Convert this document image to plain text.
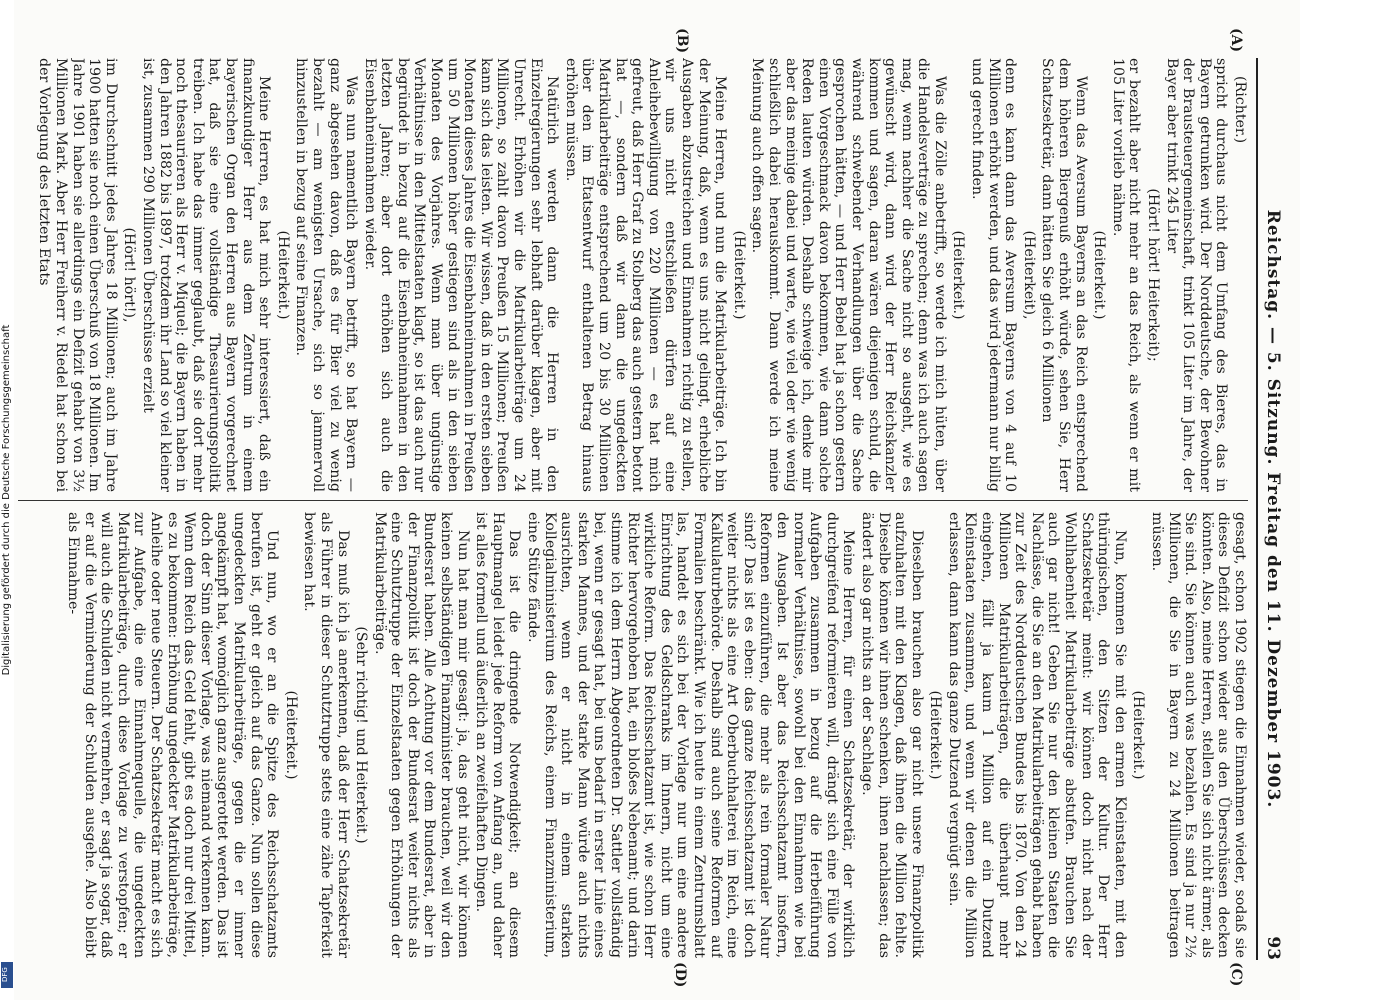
Reichstag. — 5. Sitzung. Freitag den 11. Dezember 1903.
93
(A)
(B)
(C)
(D)

(Richter.)

spricht durchaus nicht dem Umfang des Bieres, das in Bayern getrunken wird. Der Norddeutsche, der Bewohner der Brausteuergemeinschaft, trinkt 105 Liter im Jahre, der Bayer aber trinkt 245 Liter

(Hört! hört! Heiterkeit);

er bezahlt aber nicht mehr an das Reich, als wenn er mit 105 Liter vorlieb nähme.

(Heiterkeit.)

Wenn das Aversum Bayerns an das Reich entsprechend dem höheren Biergenuß erhöht würde, sehen Sie, Herr Schatzsekretär, dann hätten Sie gleich 6 Millionen

(Heiterkeit),

denn es kann dann das Aversum Bayerns von 4 auf 10 Millionen erhöht werden, und das wird jedermann nur billig und gerecht finden.

(Heiterkeit.)

Was die Zölle anbetrifft, so werde ich mich hüten, über die Handelsverträge zu sprechen; denn was ich auch sagen mag, wenn nachher die Sache nicht so ausgeht, wie es gewünscht wird, dann wird der Herr Reichskanzler kommen und sagen, daran wären diejenigen schuld, die während schwebender Verhandlungen über die Sache gesprochen hätten, — und Herr Bebel hat ja schon gestern einen Vorgeschmack davon bekommen, wie dann solche Reden lauten würden. Deshalb schweige ich, denke mir aber das meinige dabei und warte, wie viel oder wie wenig schließlich dabei herauskommt. Dann werde ich meine Meinung auch offen sagen.

(Heiterkeit.)

Meine Herren, und nun die Matrikularbeiträge. Ich bin der Meinung, daß, wenn es uns nicht gelingt, erhebliche Ausgaben abzustreichen und Einnahmen richtig zu stellen, wir uns nicht entschließen dürfen auf eine Anleihebewilligung von 220 Millionen — es hat mich gefreut, daß Herr Graf zu Stolberg das auch gestern betont hat —, sondern daß wir dann die ungedeckten Matrikularbeiträge entsprechend um 20 bis 30 Millionen über den im Etatsentwurf enthaltenen Betrag hinaus erhöhen müssen.

Natürlich werden dann die Herren in den Einzelregierungen sehr lebhaft darüber klagen, aber mit Unrecht. Erhöhen wir die Matrikularbeiträge um 24 Millionen, so zahlt davon Preußen 15 Millionen; Preußen kann sich das leisten. Wir wissen, daß in den ersten sieben Monaten dieses Jahres die Eisenbahneinnahmen in Preußen um 50 Millionen höher gestiegen sind als in den sieben Monaten des Vorjahres. Wenn man über ungünstige Verhältnisse in den Mittelstaaten klagt, so ist das auch nur begründet in bezug auf die Eisenbahneinnahmen in den letzten Jahren; aber dort erhöhen sich auch die Eisenbahneinnahmen wieder.

Was nun namentlich Bayern betrifft, so hat Bayern — ganz abgesehen davon, daß es für Bier viel zu wenig bezahlt — am wenigsten Ursache, sich so jammervoll hinzustellen in bezug auf seine Finanzen.

(Heiterkeit.)

Meine Herren, es hat mich sehr interessiert, daß ein finanzkundiger Herr aus dem Zentrum in einem bayerischen Organ den Herren aus Bayern vorgerechnet hat, daß sie eine vollständige Thesaurierungspolitik treiben. Ich habe das immer geglaubt, daß sie dort mehr noch thesaurieren als Herr v. Miquel; die Bayern haben in den Jahren 1882 bis 1897, trotzdem ihr Land so viel kleiner ist, zusammen 290 Millionen Überschüsse erzielt

(Hört! hört!),

im Durchschnitt jedes Jahres 18 Millionen; auch im Jahre 1900 hatten sie noch einen Überschuß von 18 Millionen. Im Jahre 1901 haben sie allerdings ein Defizit gehabt von 3½ Millionen Mark. Aber Herr Freiherr v. Riedel hat schon bei der Vorlegung des letzten Etats

gesagt, schon 1902 stiegen die Einnahmen wieder, sodaß sie dieses Defizit schon wieder aus den Überschüssen decken könnten. Also, meine Herren, stellen Sie sich nicht ärmer, als Sie sind. Sie können auch was bezahlen. Es sind ja nur 2½ Millionen, die Sie in Bayern zu 24 Millionen beitragen müssen.

(Heiterkeit.)

Nun, kommen Sie mit den armen Kleinstaaten, mit den thüringischen, den Sitzen der Kultur. Der Herr Schatzsekretär meint: wir können doch nicht nach der Wohlhabenheit Matrikularbeiträge abstufen. Brauchen Sie auch gar nicht! Geben Sie nur den kleinen Staaten die Nachlässe, die Sie an den Matrikularbeiträgen gehabt haben zur Zeit des Norddeutschen Bundes bis 1870. Von den 24 Millionen Matrikularbeiträgen, die überhaupt mehr eingehen, fällt ja kaum 1 Million auf ein Dutzend Kleinstaaten zusammen, und wenn wir denen die Million erlassen, dann kann das ganze Dutzend vergnügt sein.

(Heiterkeit.)

Dieselben brauchen also gar nicht unsere Finanzpolitik aufzuhalten mit den Klagen, daß ihnen die Million fehlte. Dieselbe können wir ihnen schenken, ihnen nachlassen; das ändert also gar nichts an der Sachlage.

Meine Herren, für einen Schatzsekretär, der wirklich durchgreifend reformieren will, drängt sich eine Fülle von Aufgaben zusammen in bezug auf die Herbeiführung normaler Verhältnisse, sowohl bei den Einnahmen wie bei den Ausgaben. Ist aber das Reichsschatzamt insofern, Reformen einzuführen, die mehr als rein formaler Natur sind? Das ist es eben: das ganze Reichsschatzamt ist doch weiter nichts als eine Art Oberbuchhalterei im Reich, eine Kalkulaturbehörde. Deshalb sind auch seine Reformen auf Formalien beschränkt. Wie ich heute in einem Zentrumsblatt las, handelt es sich bei der Vorlage nur um eine andere Einrichtung des Geldschranks im Innern, nicht um eine wirkliche Reform. Das Reichsschatzamt ist, wie schon Herr Richter hervorgehoben hat, ein bloßes Nebenamt; und darin stimme ich dem Herrn Abgeordneten Dr. Sattler vollständig bei, wenn er gesagt hat, bei uns bedarf in erster Linie eines starken Mannes, und der starke Mann würde auch nichts ausrichten, wenn er nicht in einem starken Kollegialministerium des Reichs, einem Finanzministerium, eine Stütze fände.

Das ist die dringende Notwendigkeit; an diesem Hauptmangel leidet jede Reform von Anfang an, und daher ist alles formell und äußerlich an zweifelhaften Dingen.

Nun hat man mir gesagt: ja, das geht nicht, wir können keinen selbständigen Finanzminister brauchen, weil wir den Bundesrat haben. Alle Achtung vor dem Bundesrat, aber in der Finanzpolitik ist doch der Bundesrat weiter nichts als eine Schutztruppe der Einzelstaaten gegen Erhöhungen der Matrikularbeiträge.

(Sehr richtig! und Heiterkeit.)

Das muß ich ja anerkennen, daß der Herr Schatzsekretär als Führer in dieser Schutztruppe stets eine zähe Tapferkeit bewiesen hat.

(Heiterkeit.)

Und nun, wo er an die Spitze des Reichsschatzamts berufen ist, geht er gleich auf das Ganze. Nun sollen diese ungedeckten Matrikularbeiträge, gegen die er immer angekämpft hat, womöglich ganz ausgerottet werden. Das ist doch der Sinn dieser Vorlage, was niemand verkennen kann. Wenn dem Reich das Geld fehlt, gibt es doch nur drei Mittel, es zu bekommen: Erhöhung ungedeckter Matrikularbeiträge, Anleihe oder neue Steuern. Der Schatzsekretär macht es sich zur Aufgabe, die eine Einnahmequelle, die ungedeckten Matrikularbeiträge, durch diese Vorlage zu verstopfen; er will auch die Schulden nicht vermehren, er sagt ja sogar, daß er auf die Verminderung der Schulden ausgehe. Also bleibt als Einnahme-

Digitalisierung gefördert durch die Deutsche Forschungsgemeinschaft
DFG
